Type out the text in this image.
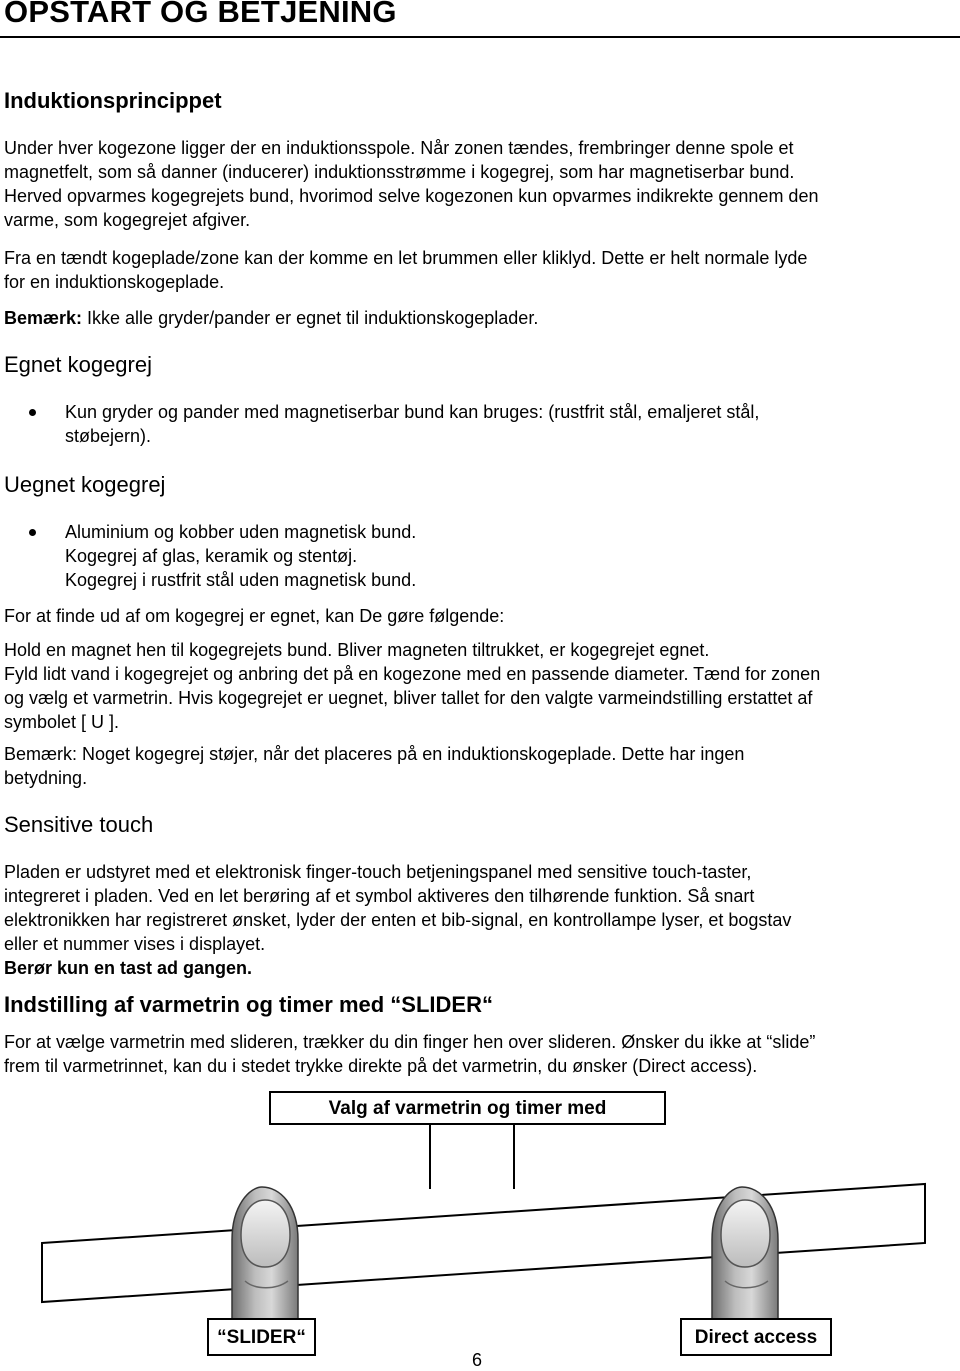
OPSTART OG BETJENING
Induktionsprincippet
Under hver kogezone ligger der en induktionsspole. Når zonen tændes, frembringer denne spole et
magnetfelt, som så danner (inducerer) induktionsstrømme i kogegrej, som har magnetiserbar bund.
Herved opvarmes kogegrejets bund, hvorimod selve kogezonen kun opvarmes indikrekte gennem den
varme, som kogegrejet afgiver.
Fra en tændt kogeplade/zone kan der komme en let brummen eller kliklyd. Dette er helt normale lyde
for en induktionskogeplade.
Bemærk: Ikke alle gryder/pander er egnet til induktionskogeplader.
Egnet kogegrej
Kun gryder og pander med magnetiserbar bund kan bruges: (rustfrit stål, emaljeret stål,
støbejern).
Uegnet kogegrej
Aluminium og kobber uden magnetisk bund.
Kogegrej af glas, keramik og stentøj.
Kogegrej i rustfrit stål uden magnetisk bund.
For at finde ud af om kogegrej er egnet, kan De gøre følgende:
Hold en magnet hen til kogegrejets bund. Bliver magneten tiltrukket, er kogegrejet egnet.
Fyld lidt vand i kogegrejet og anbring det på en kogezone med en passende diameter. Tænd for zonen
og vælg et varmetrin. Hvis kogegrejet er uegnet, bliver tallet for den valgte varmeindstilling erstattet af
symbolet [ U ].
Bemærk: Noget kogegrej støjer, når det placeres på en induktionskogeplade. Dette har ingen
betydning.
Sensitive touch
Pladen er udstyret med et elektronisk finger-touch betjeningspanel med sensitive touch-taster,
integreret i pladen. Ved en let berøring af et symbol aktiveres den tilhørende funktion. Så snart
elektronikken har registreret ønsket, lyder der enten et bib-signal, en kontrollampe lyser, et bogstav
eller et nummer vises i displayet.
Berør kun en tast ad gangen.
Indstilling af varmetrin og timer med “SLIDER“
For at vælge varmetrin med slideren, trækker du din finger hen over slideren. Ønsker du ikke at “slide”
frem til varmetrinnet, kan du i stedet trykke direkte på det varmetrin, du ønsker (Direct access).
Valg af varmetrin og timer med
“SLIDER“	Direct access
6
